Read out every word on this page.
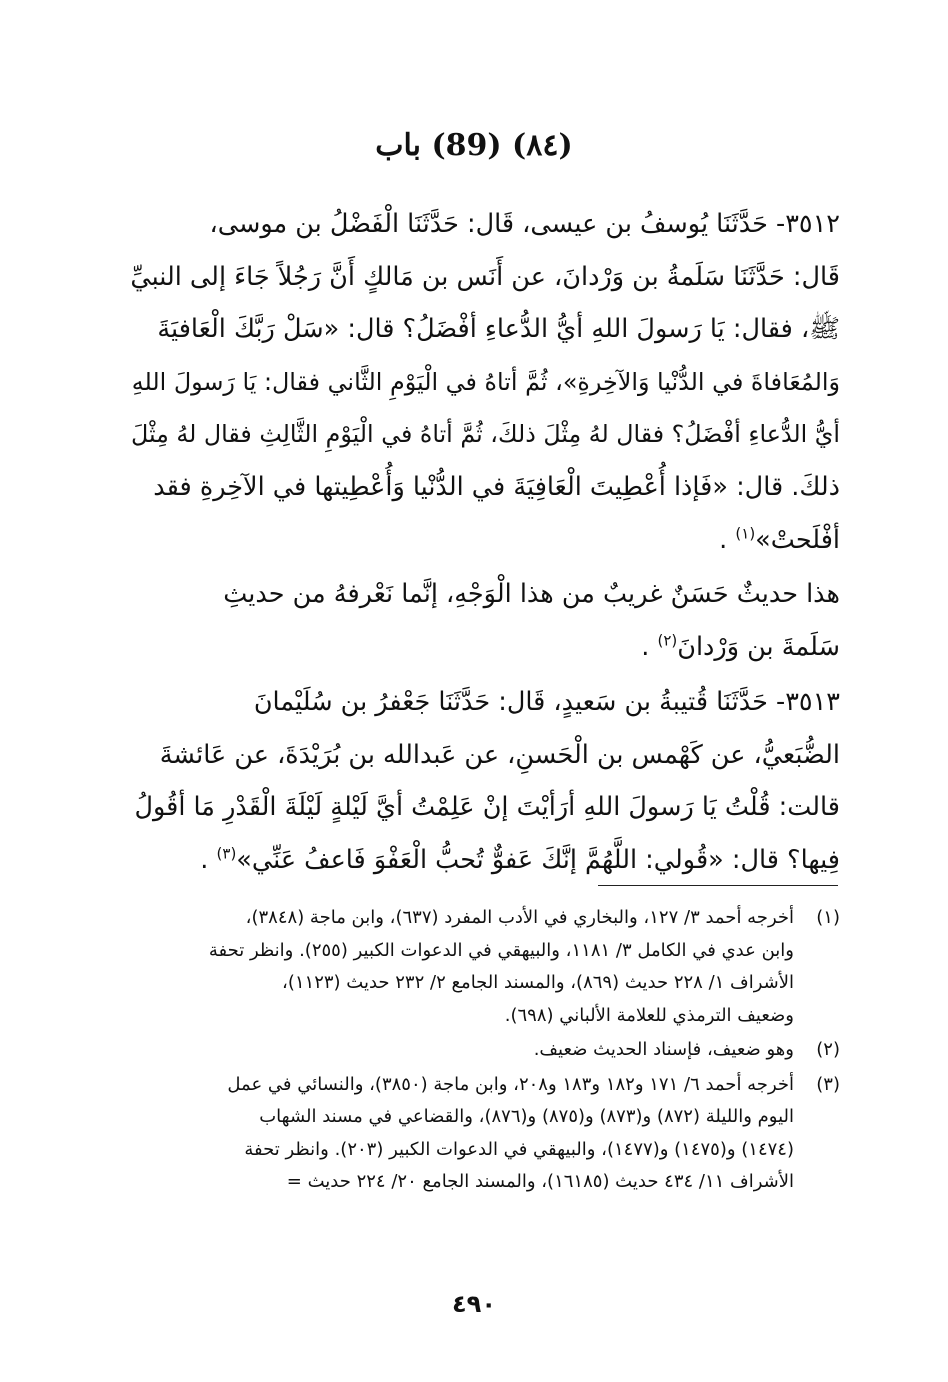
(٨٤) (89) باب
٣٥١٢- حَدَّثَنَا يُوسفُ بن عيسى، قَال: حَدَّثَنَا الْفَضْلُ بن موسى،
قَال: حَدَّثَنَا سَلَمةُ بن وَرْدانَ، عن أَنَس بن مَالكٍ أَنَّ رَجُلاً جَاءَ إلى النبيِّ
ﷺ، فقال: يَا رَسولَ اللهِ أيُّ الدُّعاءِ أفْضَلُ؟ قال: «سَلْ رَبَّكَ الْعَافيَةَ
وَالمُعَافاةَ في الدُّنْيا وَالآخِرةِ»، ثُمَّ أتاهُ في الْيَوْمِ الثَّاني فقال: يَا رَسولَ اللهِ
أيُّ الدُّعاءِ أفْضَلُ؟ فقال لهُ مِثْلَ ذلكَ، ثُمَّ أتاهُ في الْيَوْمِ الثَّالِثِ فقال لهُ مِثْلَ
ذلكَ. قال: «فَإذا أُعْطِيتَ الْعَافِيَةَ في الدُّنْيا وَأُعْطِيتها في الآخِرةِ فقد
أفْلَحتْ»$^{(١)}$ .
هذا حديثٌ حَسَنٌ غريبٌ من هذا الْوَجْهِ، إنَّما نَعْرفهُ من حديثِ
سَلَمةَ بن وَرْدانَ$^{(٢)}$ .
٣٥١٣- حَدَّثَنَا قُتيبةُ بن سَعيدٍ، قَال: حَدَّثَنَا جَعْفرُ بن سُلَيْمانَ
الضُّبَعيُّ، عن كَهْمس بن الْحَسنِ، عن عَبدالله بن بُرَيْدَةَ، عن عَائشةَ
قالت: قُلْتُ يَا رَسولَ اللهِ أرَأيْتَ إنْ عَلِمْتُ أيَّ لَيْلةٍ لَيْلَةَ الْقَدْرِ مَا أقُولُ
فِيها؟ قال: «قُولي: اللَّهُمَّ إنَّكَ عَفوٌّ تُحبُّ الْعَفْوَ فَاعفُ عَنِّي»$^{(٣)}$ .
(١)
أخرجه أحمد ٣/ ١٢٧، والبخاري في الأدب المفرد (٦٣٧)، وابن ماجة (٣٨٤٨)،
وابن عدي في الكامل ٣/ ١١٨١، والبيهقي في الدعوات الكبير (٢٥٥). وانظر تحفة
الأشراف ١/ ٢٢٨ حديث (٨٦٩)، والمسند الجامع ٢/ ٢٣٢ حديث (١١٢٣)،
وضعيف الترمذي للعلامة الألباني (٦٩٨).
(٢)
وهو ضعيف، فإسناد الحديث ضعيف.
(٣)
أخرجه أحمد ٦/ ١٧١ و١٨٢ و١٨٣ و٢٠٨، وابن ماجة (٣٨٥٠)، والنسائي في عمل
اليوم والليلة (٨٧٢) و(٨٧٣) و(٨٧٥) و(٨٧٦)، والقضاعي في مسند الشهاب
(١٤٧٤) و(١٤٧٥) و(١٤٧٧)، والبيهقي في الدعوات الكبير (٢٠٣). وانظر تحفة
الأشراف ١١/ ٤٣٤ حديث (١٦١٨٥)، والمسند الجامع ٢٠/ ٢٢٤ حديث =
٤٩٠
